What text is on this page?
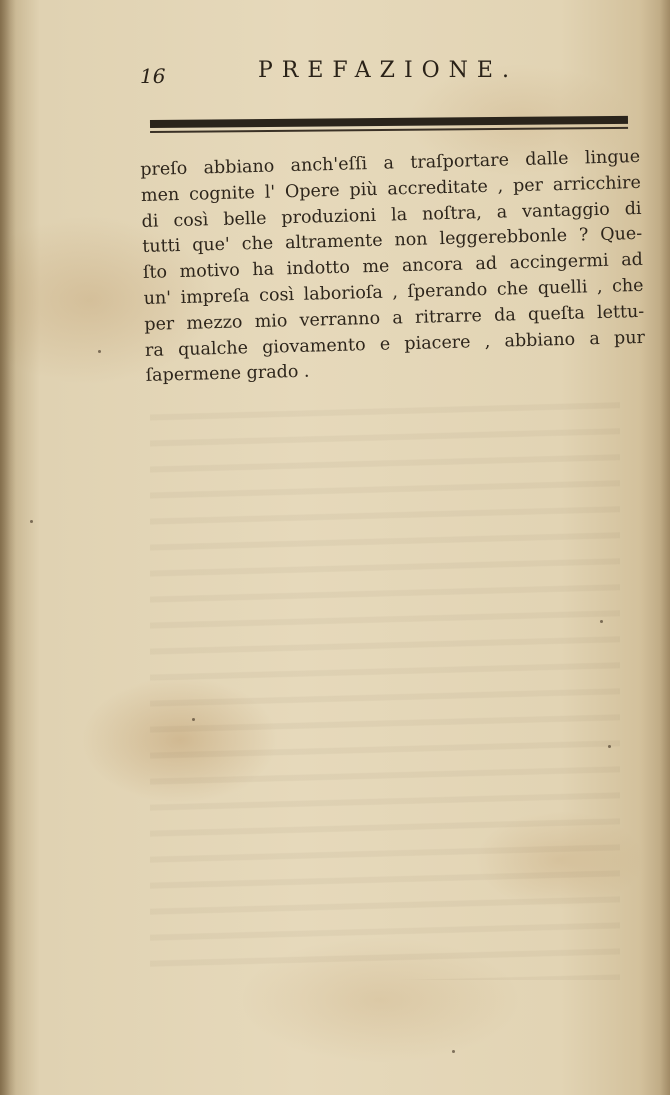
16	PREFAZIONE.
preſo abbiano anch'eſſi a traſportare dalle lingue
men cognite l' Opere più accreditate , per arricchire
di così belle produzioni la noſtra, a vantaggio di
tutti que' che altramente non leggerebbonle ? Que-
ſto motivo ha indotto me ancora ad accingermi ad
un' impreſa così laborioſa , ſperando che quelli , che
per mezzo mio verranno a ritrarre da queſta lettu-
ra qualche giovamento e piacere , abbiano a pur
ſapermene grado .
